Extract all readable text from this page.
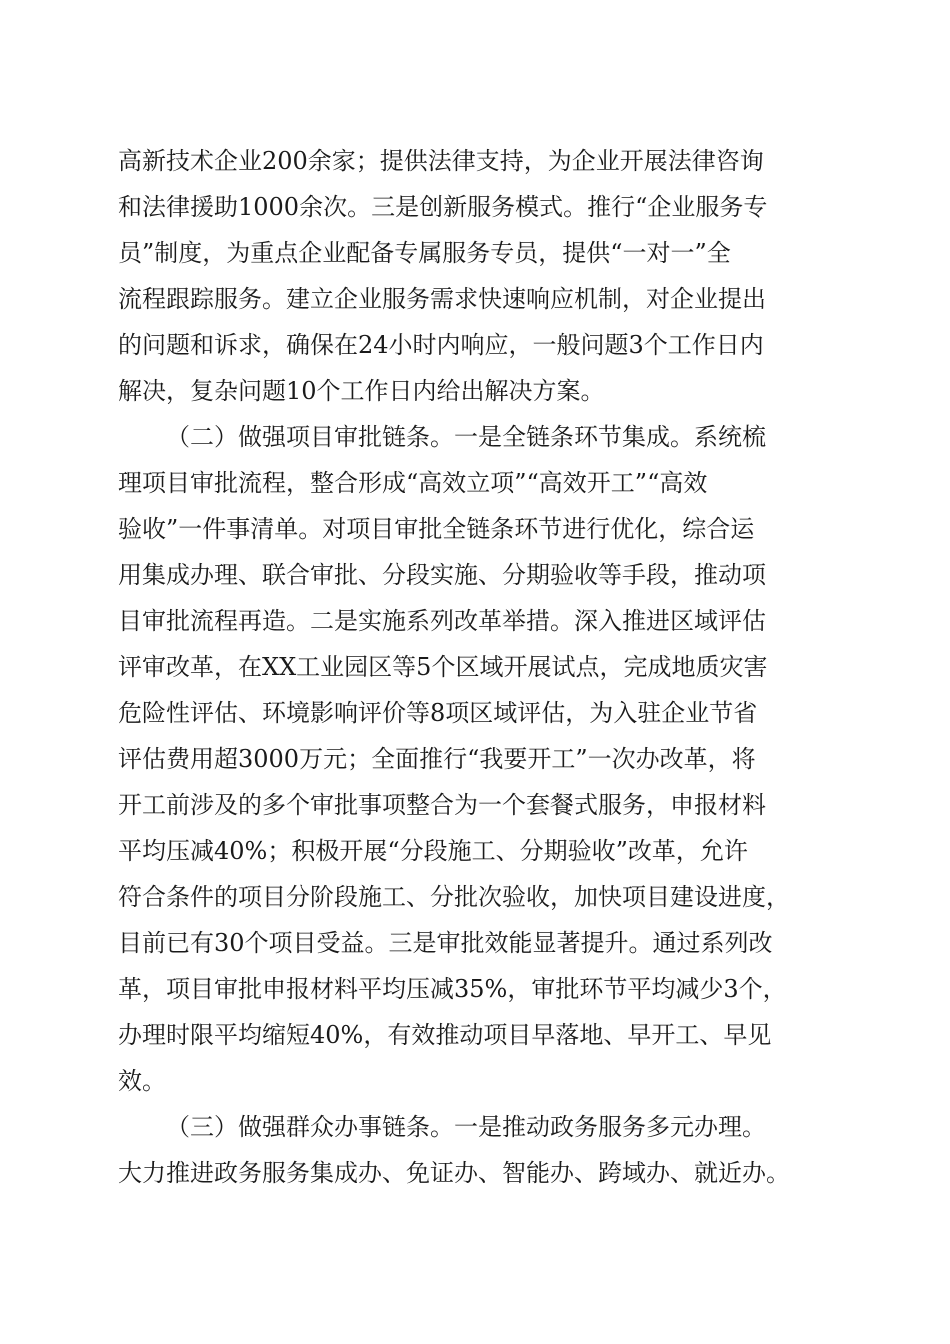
高新技术企业200余家；提供法律支持，为企业开展法律咨询
和法律援助1000余次。三是创新服务模式。推行“企业服务专
员”制度，为重点企业配备专属服务专员，提供“一对一”全
流程跟踪服务。建立企业服务需求快速响应机制，对企业提出
的问题和诉求，确保在24小时内响应，一般问题3个工作日内
解决，复杂问题10个工作日内给出解决方案。
（二）做强项目审批链条。一是全链条环节集成。系统梳
理项目审批流程，整合形成“高效立项”“高效开工”“高效
验收”一件事清单。对项目审批全链条环节进行优化，综合运
用集成办理、联合审批、分段实施、分期验收等手段，推动项
目审批流程再造。二是实施系列改革举措。深入推进区域评估
评审改革，在XX工业园区等5个区域开展试点，完成地质灾害
危险性评估、环境影响评价等8项区域评估，为入驻企业节省
评估费用超3000万元；全面推行“我要开工”一次办改革，将
开工前涉及的多个审批事项整合为一个套餐式服务，申报材料
平均压减40%；积极开展“分段施工、分期验收”改革，允许
符合条件的项目分阶段施工、分批次验收，加快项目建设进度，
目前已有30个项目受益。三是审批效能显著提升。通过系列改
革，项目审批申报材料平均压减35%，审批环节平均减少3个，
办理时限平均缩短40%，有效推动项目早落地、早开工、早见
效。
（三）做强群众办事链条。一是推动政务服务多元办理。
大力推进政务服务集成办、免证办、智能办、跨域办、就近办。
